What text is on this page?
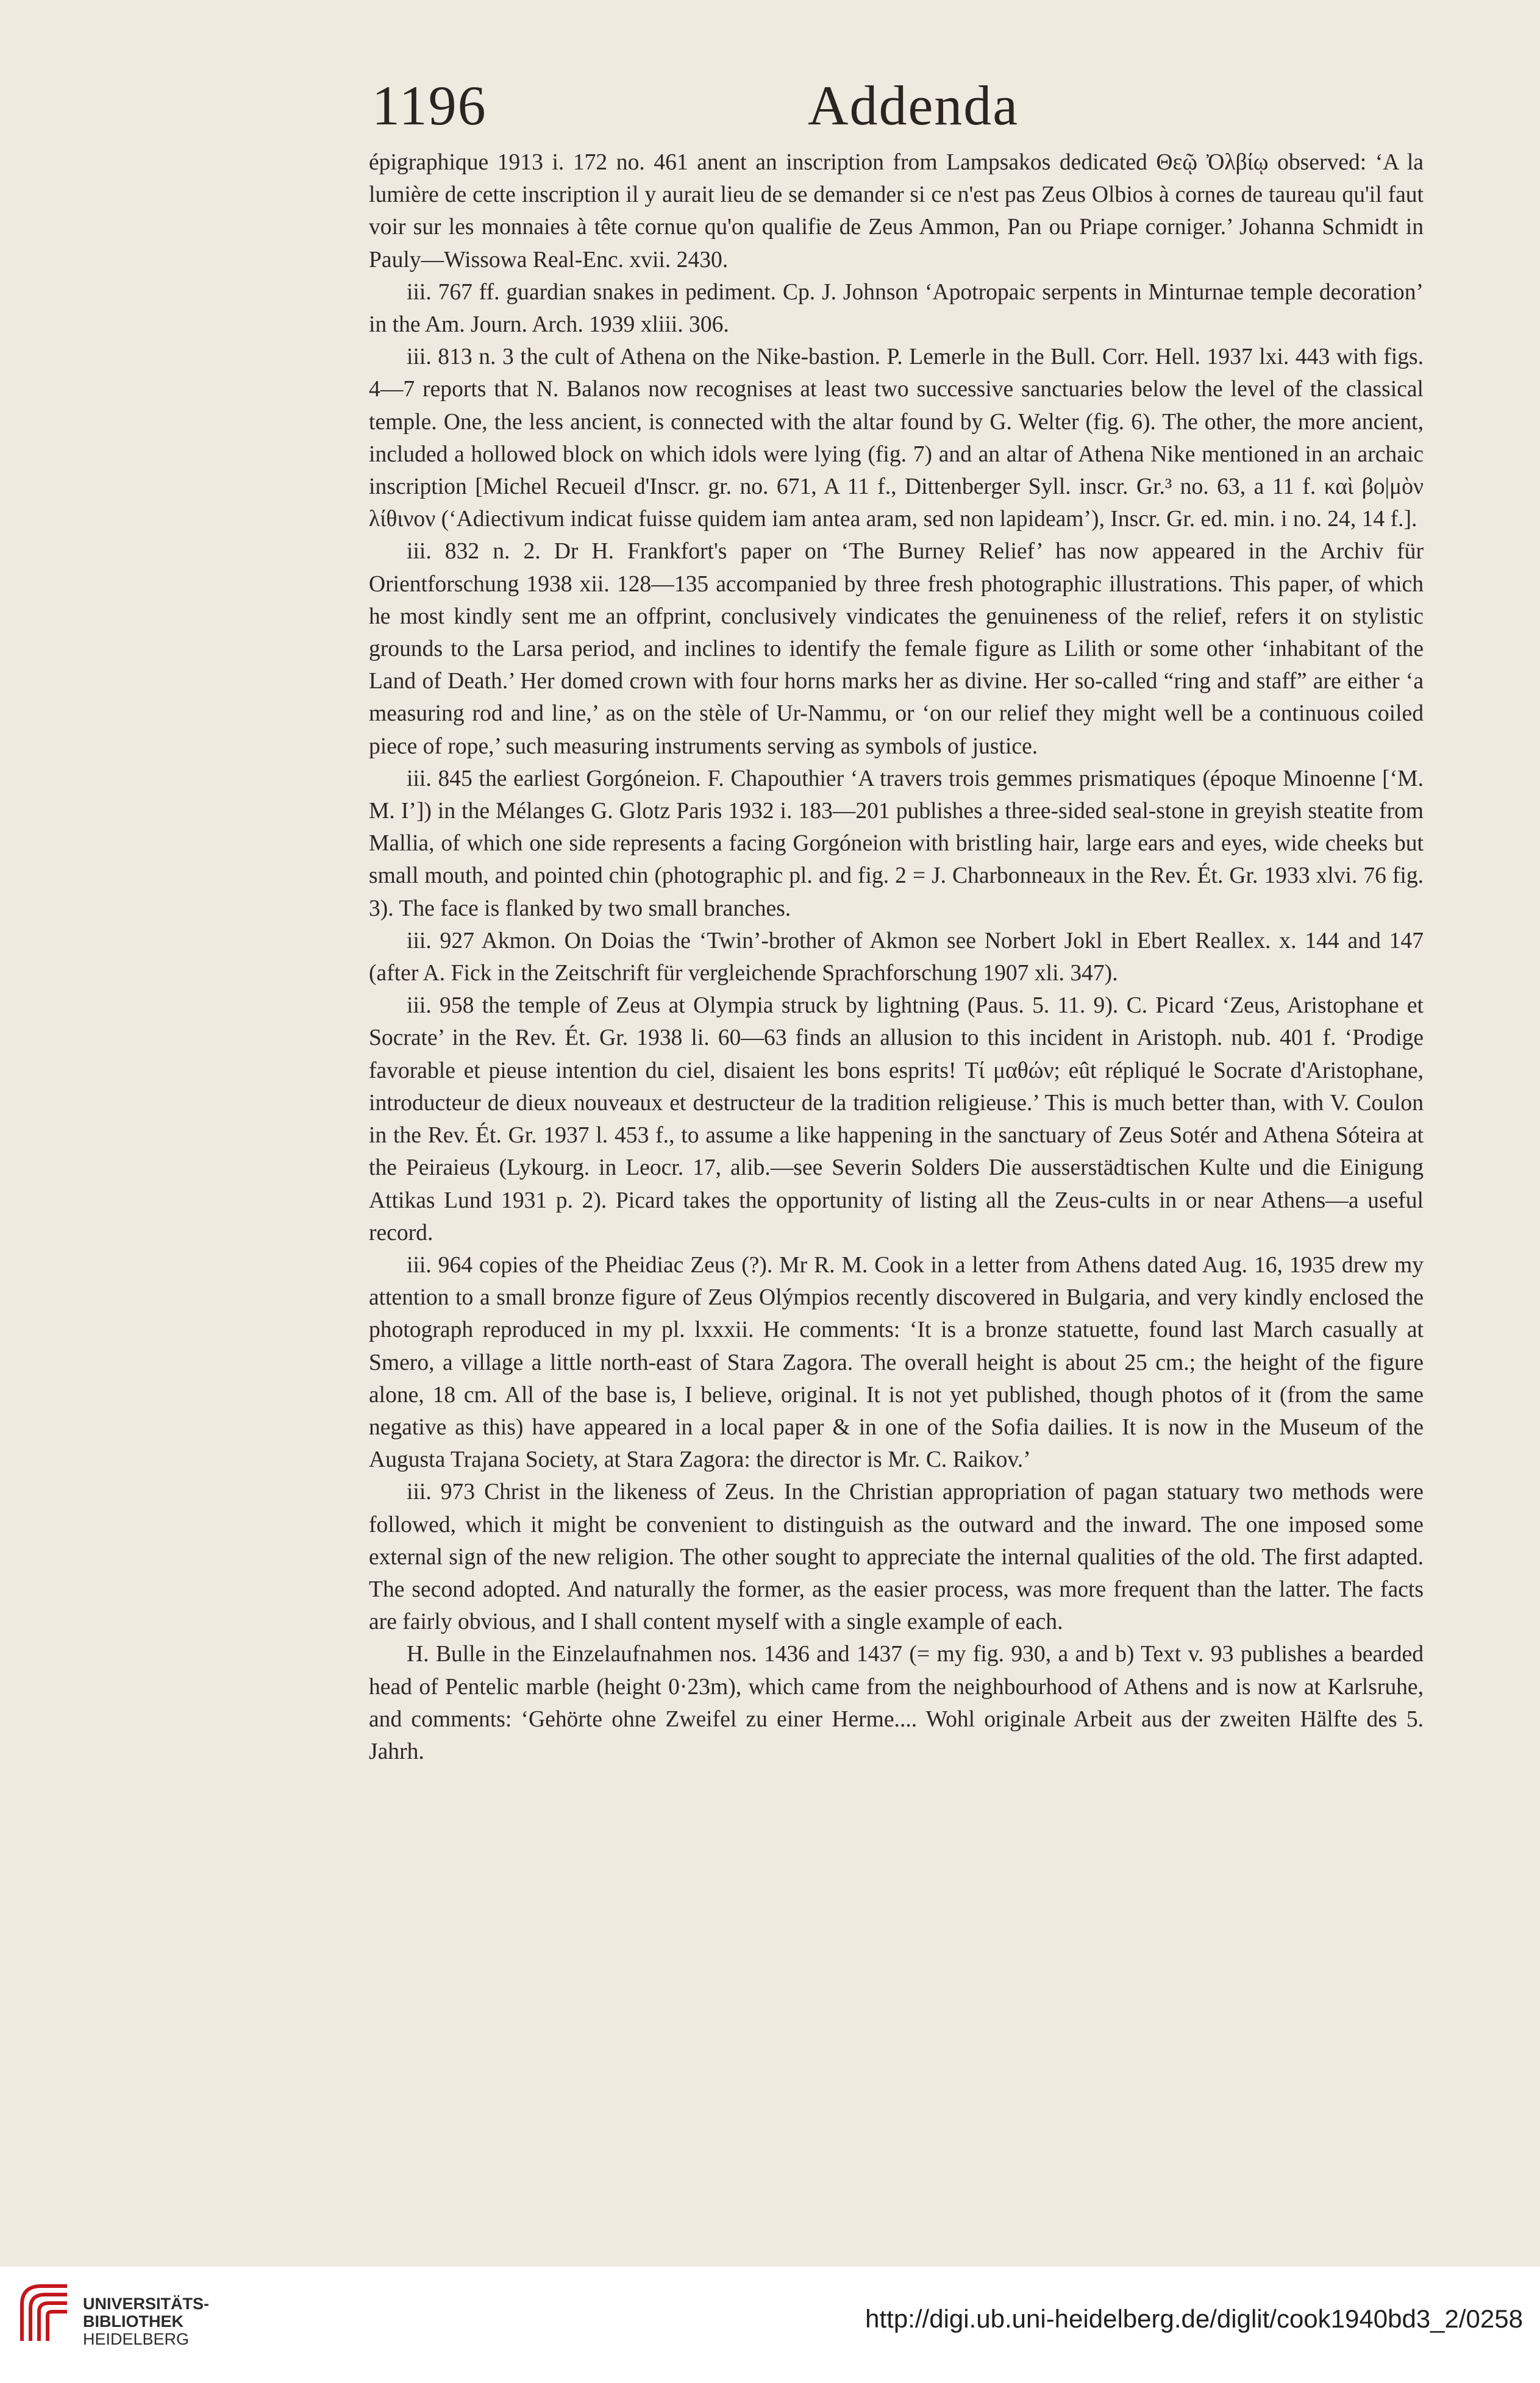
1196	Addenda

épigraphique 1913 i. 172 no. 461 anent an inscription from Lampsakos dedicated Θεῷ Ὀλβίῳ observed: ‘A la lumière de cette inscription il y aurait lieu de se demander si ce n'est pas Zeus Olbios à cornes de taureau qu'il faut voir sur les monnaies à tête cornue qu'on qualifie de Zeus Ammon, Pan ou Priape corniger.’ Johanna Schmidt in Pauly—Wissowa Real-Enc. xvii. 2430.

iii. 767 ff. guardian snakes in pediment. Cp. J. Johnson ‘Apotropaic serpents in Minturnae temple decoration’ in the Am. Journ. Arch. 1939 xliii. 306.

iii. 813 n. 3 the cult of Athena on the Nike-bastion. P. Lemerle in the Bull. Corr. Hell. 1937 lxi. 443 with figs. 4—7 reports that N. Balanos now recognises at least two successive sanctuaries below the level of the classical temple. One, the less ancient, is connected with the altar found by G. Welter (fig. 6). The other, the more ancient, included a hollowed block on which idols were lying (fig. 7) and an altar of Athena Nike mentioned in an archaic inscription [Michel Recueil d'Inscr. gr. no. 671, A 11 f., Dittenberger Syll. inscr. Gr.³ no. 63, a 11 f. καὶ βο|μὸν λίθινον (‘Adiectivum indicat fuisse quidem iam antea aram, sed non lapideam’), Inscr. Gr. ed. min. i no. 24, 14 f.].

iii. 832 n. 2. Dr H. Frankfort's paper on ‘The Burney Relief’ has now appeared in the Archiv für Orientforschung 1938 xii. 128—135 accompanied by three fresh photographic illustrations. This paper, of which he most kindly sent me an offprint, conclusively vindicates the genuineness of the relief, refers it on stylistic grounds to the Larsa period, and inclines to identify the female figure as Lilith or some other ‘inhabitant of the Land of Death.’ Her domed crown with four horns marks her as divine. Her so-called “ring and staff” are either ‘a measuring rod and line,’ as on the stèle of Ur-Nammu, or ‘on our relief they might well be a continuous coiled piece of rope,’ such measuring instruments serving as symbols of justice.

iii. 845 the earliest Gorgóneion. F. Chapouthier ‘A travers trois gemmes prismatiques (époque Minoenne [‘M. M. I’]) in the Mélanges G. Glotz Paris 1932 i. 183—201 publishes a three-sided seal-stone in greyish steatite from Mallia, of which one side represents a facing Gorgóneion with bristling hair, large ears and eyes, wide cheeks but small mouth, and pointed chin (photographic pl. and fig. 2 = J. Charbonneaux in the Rev. Ét. Gr. 1933 xlvi. 76 fig. 3). The face is flanked by two small branches.

iii. 927 Akmon. On Doias the ‘Twin’-brother of Akmon see Norbert Jokl in Ebert Reallex. x. 144 and 147 (after A. Fick in the Zeitschrift für vergleichende Sprachforschung 1907 xli. 347).

iii. 958 the temple of Zeus at Olympia struck by lightning (Paus. 5. 11. 9). C. Picard ‘Zeus, Aristophane et Socrate’ in the Rev. Ét. Gr. 1938 li. 60—63 finds an allusion to this incident in Aristoph. nub. 401 f. ‘Prodige favorable et pieuse intention du ciel, disaient les bons esprits! Τί μαθών; eût répliqué le Socrate d'Aristophane, introducteur de dieux nouveaux et destructeur de la tradition religieuse.’ This is much better than, with V. Coulon in the Rev. Ét. Gr. 1937 l. 453 f., to assume a like happening in the sanctuary of Zeus Sotér and Athena Sóteira at the Peiraieus (Lykourg. in Leocr. 17, alib.—see Severin Solders Die ausserstädtischen Kulte und die Einigung Attikas Lund 1931 p. 2). Picard takes the opportunity of listing all the Zeus-cults in or near Athens—a useful record.

iii. 964 copies of the Pheidiac Zeus (?). Mr R. M. Cook in a letter from Athens dated Aug. 16, 1935 drew my attention to a small bronze figure of Zeus Olýmpios recently discovered in Bulgaria, and very kindly enclosed the photograph reproduced in my pl. lxxxii. He comments: ‘It is a bronze statuette, found last March casually at Smero, a village a little north-east of Stara Zagora. The overall height is about 25 cm.; the height of the figure alone, 18 cm. All of the base is, I believe, original. It is not yet published, though photos of it (from the same negative as this) have appeared in a local paper & in one of the Sofia dailies. It is now in the Museum of the Augusta Trajana Society, at Stara Zagora: the director is Mr. C. Raikov.’

iii. 973 Christ in the likeness of Zeus. In the Christian appropriation of pagan statuary two methods were followed, which it might be convenient to distinguish as the outward and the inward. The one imposed some external sign of the new religion. The other sought to appreciate the internal qualities of the old. The first adapted. The second adopted. And naturally the former, as the easier process, was more frequent than the latter. The facts are fairly obvious, and I shall content myself with a single example of each.

H. Bulle in the Einzelaufnahmen nos. 1436 and 1437 (= my fig. 930, a and b) Text v. 93 publishes a bearded head of Pentelic marble (height 0·23m), which came from the neighbourhood of Athens and is now at Karlsruhe, and comments: ‘Gehörte ohne Zweifel zu einer Herme.... Wohl originale Arbeit aus der zweiten Hälfte des 5. Jahrh.

UNIVERSITÄTS-
BIBLIOTHEK
HEIDELBERG
http://digi.ub.uni-heidelberg.de/diglit/cook1940bd3_2/0258
